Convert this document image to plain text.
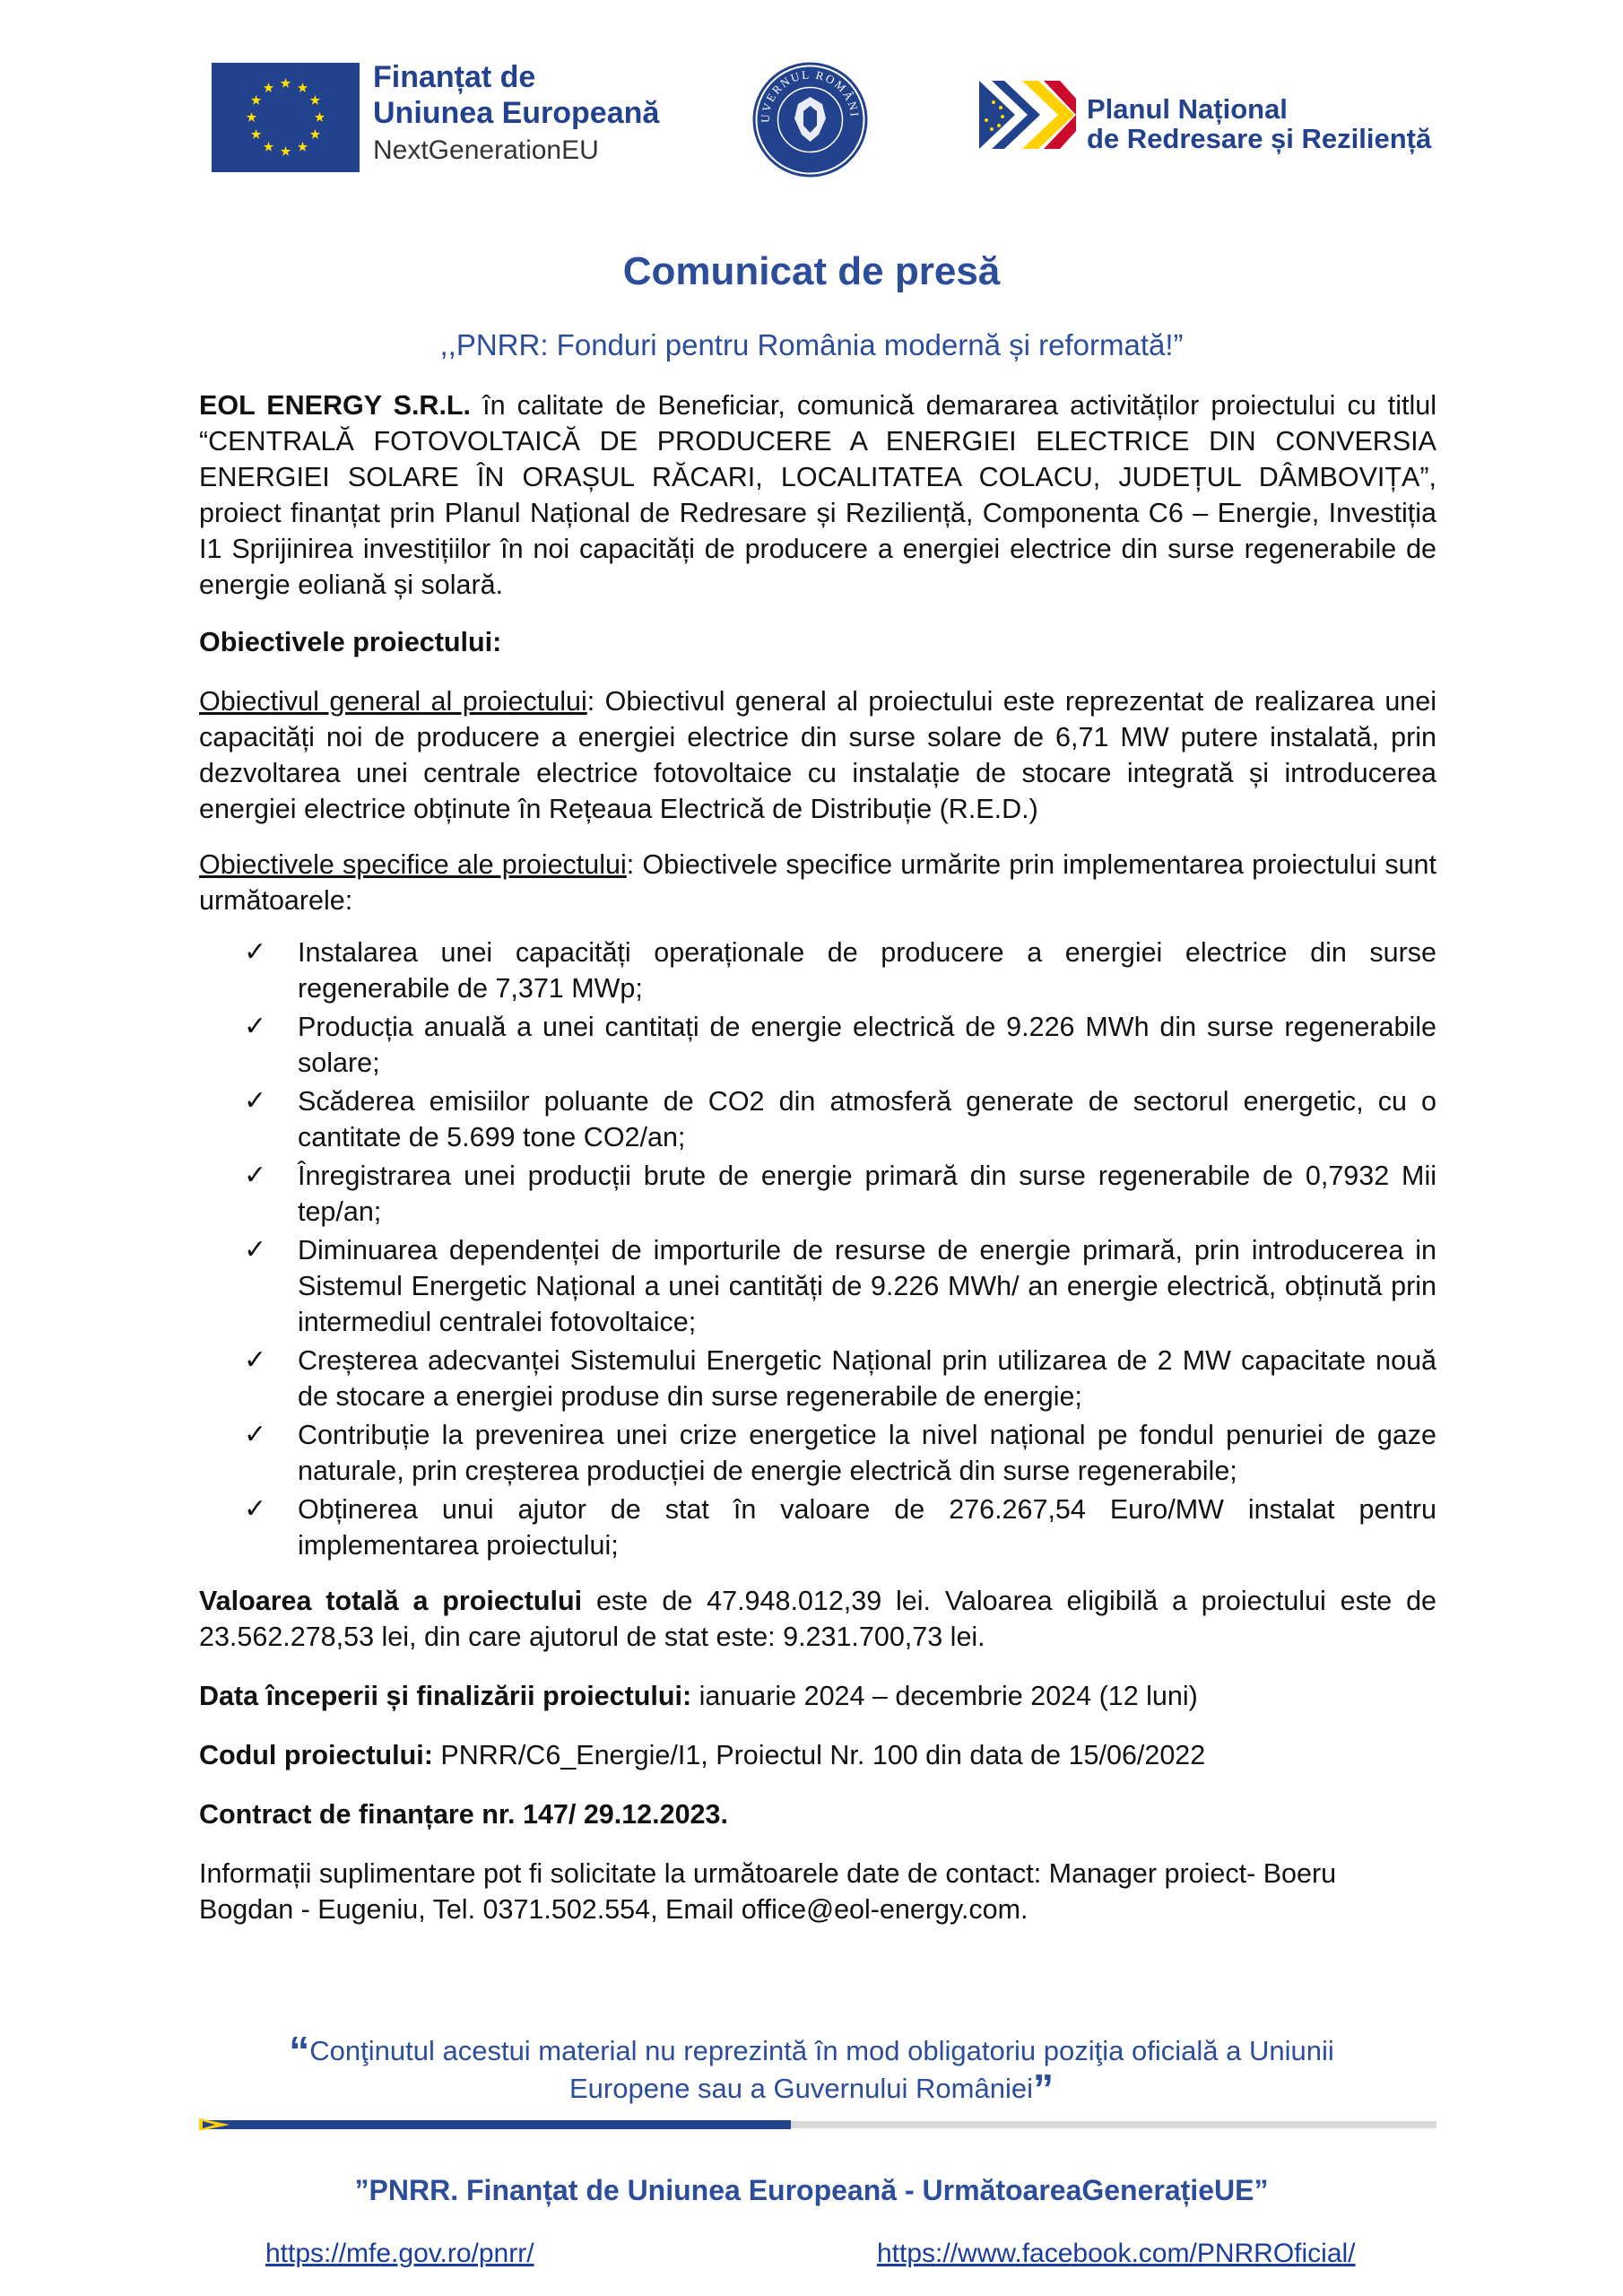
Finanțat de
Uniunea Europeană
NextGenerationEU
UVERNUL ROMÂNI	Planul Național
de Redresare și Reziliență
Comunicat de presă
,,PNRR: Fonduri pentru România modernă și reformată!”

EOL ENERGY S.R.L. în calitate de Beneficiar, comunică demararea activităților proiectului cu titlul “CENTRALĂ FOTOVOLTAICĂ DE PRODUCERE A ENERGIEI ELECTRICE DIN CONVERSIA ENERGIEI SOLARE ÎN ORAȘUL RĂCARI, LOCALITATEA COLACU, JUDEȚUL DÂMBOVIȚA”, proiect finanțat prin Planul Național de Redresare și Reziliență, Componenta C6 – Energie, Investiția I1 Sprijinirea investițiilor în noi capacități de producere a energiei electrice din surse regenerabile de energie eoliană și solară.

Obiectivele proiectului:

Obiectivul general al proiectului: Obiectivul general al proiectului este reprezentat de realizarea unei capacități noi de producere a energiei electrice din surse solare de 6,71 MW putere instalată, prin dezvoltarea unei centrale electrice fotovoltaice cu instalație de stocare integrată și introducerea energiei electrice obținute în Rețeaua Electrică de Distribuție (R.E.D.)

Obiectivele specifice ale proiectului: Obiectivele specifice urmărite prin implementarea proiectului sunt următoarele:

✓ Instalarea unei capacități operaționale de producere a energiei electrice din surse regenerabile de 7,371 MWp;
✓ Producția anuală a unei cantitați de energie electrică de 9.226 MWh din surse regenerabile solare;
✓ Scăderea emisiilor poluante de CO2 din atmosferă generate de sectorul energetic, cu o cantitate de 5.699 tone CO2/an;
✓ Înregistrarea unei producții brute de energie primară din surse regenerabile de 0,7932 Mii tep/an;
✓ Diminuarea dependenței de importurile de resurse de energie primară, prin introducerea in Sistemul Energetic Național a unei cantități de 9.226 MWh/ an energie electrică, obținută prin intermediul centralei fotovoltaice;
✓ Creșterea adecvanței Sistemului Energetic Național prin utilizarea de 2 MW capacitate nouă de stocare a energiei produse din surse regenerabile de energie;
✓ Contribuție la prevenirea unei crize energetice la nivel național pe fondul penuriei de gaze naturale, prin creșterea producției de energie electrică din surse regenerabile;
✓ Obținerea unui ajutor de stat în valoare de 276.267,54 Euro/MW instalat pentru implementarea proiectului;

Valoarea totală a proiectului este de 47.948.012,39 lei. Valoarea eligibilă a proiectului este de 23.562.278,53 lei, din care ajutorul de stat este: 9.231.700,73 lei.

Data începerii și finalizării proiectului: ianuarie 2024 – decembrie 2024 (12 luni)

Codul proiectului: PNRR/C6_Energie/I1, Proiectul Nr. 100 din data de 15/06/2022

Contract de finanțare nr. 147/ 29.12.2023.

Informații suplimentare pot fi solicitate la următoarele date de contact: Manager proiect- Boeru Bogdan - Eugeniu, Tel. 0371.502.554, Email office@eol-energy.com.

“Conţinutul acestui material nu reprezintă în mod obligatoriu poziţia oficială a Uniunii Europene sau a Guvernului României”
”PNRR. Finanțat de Uniunea Europeană - UrmătoareaGenerațieUE”
https://mfe.gov.ro/pnrr/	https://www.facebook.com/PNRROficial/
